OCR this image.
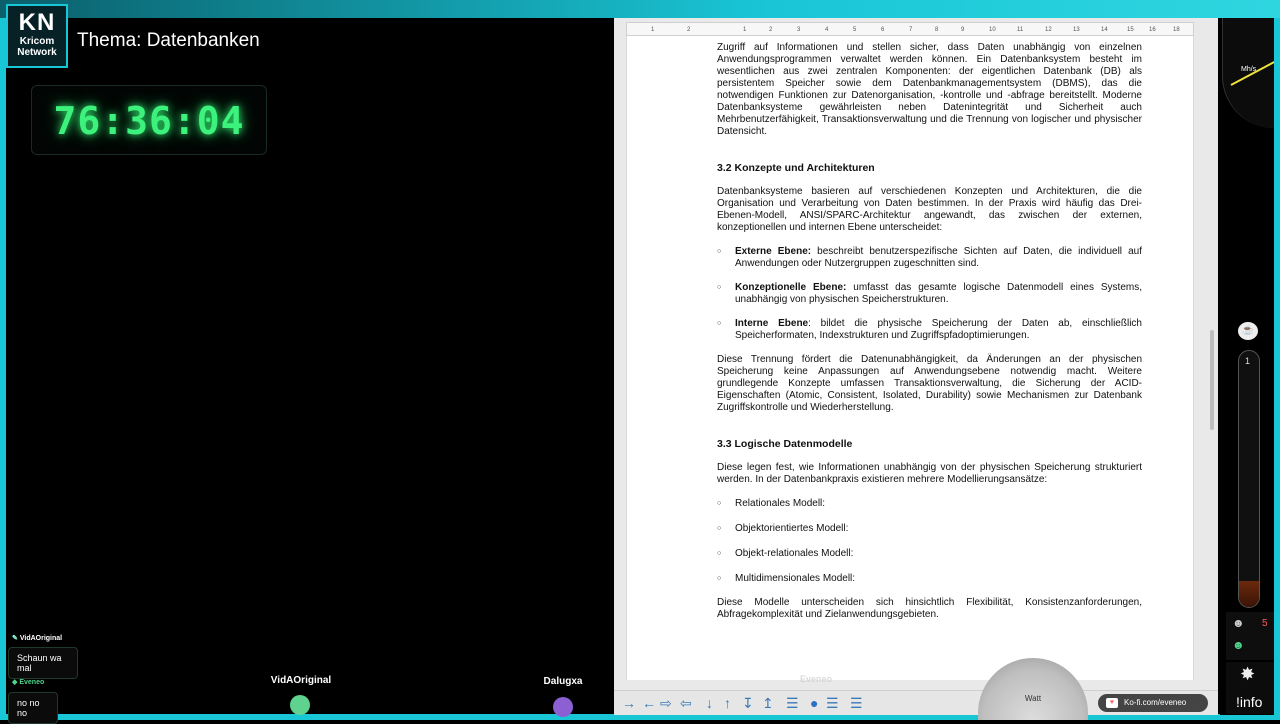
KN
Kricom
Network
Thema: Datenbanken
76:36:04
✎ VidAOriginal
Schaun wa mal
◆ Eveneo
no no no
VidAOriginal	Dalugxa
1	2	1	2	3	4	5	6	7	8	9	10	11	12	13	14	15	16	18

Zugriff auf Informationen und stellen sicher, dass Daten unabhängig von einzelnen Anwendungsprogrammen verwaltet werden können. Ein Datenbanksystem besteht im wesentlichen aus zwei zentralen Komponenten: der eigentlichen Datenbank (DB) als persistentem Speicher sowie dem Datenbankmanagementsystem (DBMS), das die notwendigen Funktionen zur Datenorganisation, -kontrolle und -abfrage bereitstellt. Moderne Datenbanksysteme gewährleisten neben Datenintegrität und Sicherheit auch Mehrbenutzerfähigkeit, Transaktionsverwaltung und die Trennung von logischer und physischer Datensicht.

3.2 Konzepte und Architekturen

Datenbanksysteme basieren auf verschiedenen Konzepten und Architekturen, die die Organisation und Verarbeitung von Daten bestimmen. In der Praxis wird häufig das Drei-Ebenen-Modell, ANSI/SPARC-Architektur angewandt, das zwischen der externen, konzeptionellen und internen Ebene unterscheidet:

○ Externe Ebene: beschreibt benutzerspezifische Sichten auf Daten, die individuell auf Anwendungen oder Nutzergruppen zugeschnitten sind.
○ Konzeptionelle Ebene: umfasst das gesamte logische Datenmodell eines Systems, unabhängig von physischen Speicherstrukturen.
○ Interne Ebene: bildet die physische Speicherung der Daten ab, einschließlich Speicherformaten, Indexstrukturen und Zugriffspfadoptimierungen.

Diese Trennung fördert die Datenunabhängigkeit, da Änderungen an der physischen Speicherung keine Anpassungen auf Anwendungsebene notwendig macht. Weitere grundlegende Konzepte umfassen Transaktionsverwaltung, die Sicherung der ACID-Eigenschaften (Atomic, Consistent, Isolated, Durability) sowie Mechanismen zur Datenbank Zugriffskontrolle und Wiederherstellung.

3.3 Logische Datenmodelle

Diese legen fest, wie Informationen unabhängig von der physischen Speicherung strukturiert werden. In der Datenbankpraxis existieren mehrere Modellierungsansätze:

○ Relationales Modell:
○ Objektorientiertes Modell:
○ Objekt-relationales Modell:
○ Multidimensionales Modell:

Diese Modelle unterscheiden sich hinsichtlich Flexibilität, Konsistenzanforderungen, Abfragekomplexität und Zielanwendungsgebieten.

Eveneo
→ ← ⇨ ⇦ ↓ ↑ ↧ ↥ ☰ ● ☰ ☰	Watt	Ko-fi.com/eveneo
♥
Mh/s
☕
1
☻
☻
5
✸
!info
